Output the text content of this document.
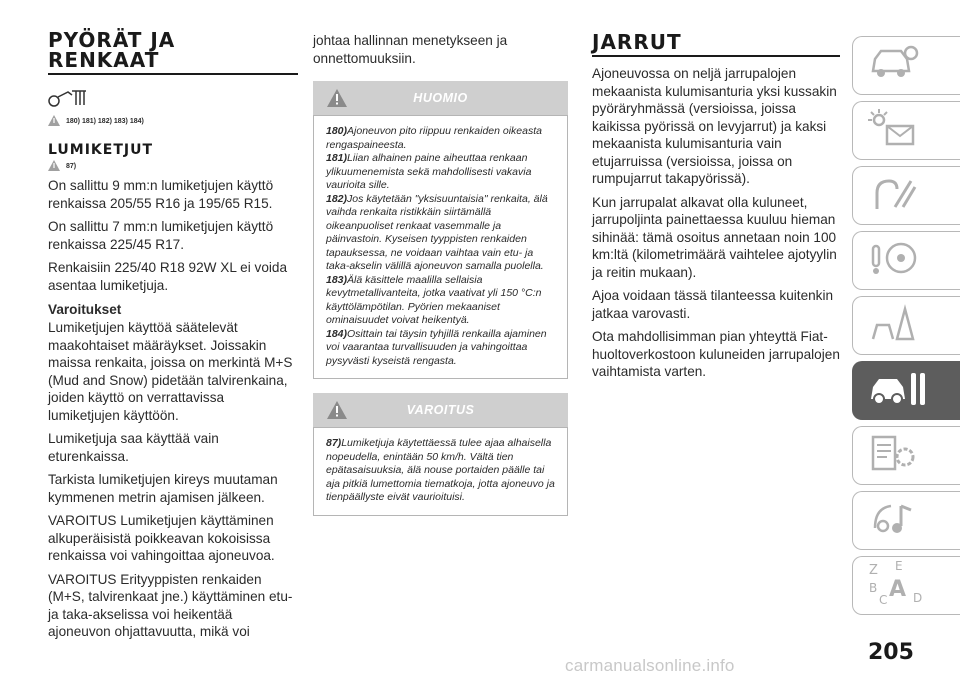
PYÖRÄT JA
RENKAAT
180) 181) 182) 183) 184)
LUMIKETJUT
87)

On sallittu 9 mm:n lumiketjujen käyttö renkaissa 205/55 R16 ja 195/65 R15.

On sallittu 7 mm:n lumiketjujen käyttö renkaissa 225/45 R17.

Renkaisiin 225/40 R18 92W XL ei voida asentaa lumiketjuja.

Varoitukset

Lumiketjujen käyttöä säätelevät maakohtaiset määräykset. Joissakin maissa renkaita, joissa on merkintä M+S (Mud and Snow) pidetään talvirenkaina, joiden käyttö on verrattavissa lumiketjujen käyttöön.

Lumiketjuja saa käyttää vain eturenkaissa.

Tarkista lumiketjujen kireys muutaman kymmenen metrin ajamisen jälkeen.

VAROITUS Lumiketjujen käyttäminen alkuperäisistä poikkeavan kokoisissa renkaissa voi vahingoittaa ajoneuvoa.

VAROITUS Erityyppisten renkaiden (M+S, talvirenkaat jne.) käyttäminen etu- ja taka-akselissa voi heikentää ajoneuvon ohjattavuutta, mikä voi

johtaa hallinnan menetykseen ja onnettomuuksiin.

HUOMIO
180)Ajoneuvon pito riippuu renkaiden oikeasta rengaspaineesta.
181)Liian alhainen paine aiheuttaa renkaan ylikuumenemista sekä mahdollisesti vakavia vaurioita sille.
182)Jos käytetään "yksisuuntaisia" renkaita, älä vaihda renkaita ristikkäin siirtämällä oikeanpuoliset renkaat vasemmalle ja päinvastoin. Kyseisen tyyppisten renkaiden tapauksessa, ne voidaan vaihtaa vain etu- ja taka-akselin välillä ajoneuvon samalla puolella.
183)Älä käsittele maalilla sellaisia kevytmetallivanteita, jotka vaativat yli 150 °C:n käyttölämpötilan. Pyörien mekaaniset ominaisuudet voivat heikentyä.
184)Osittain tai täysin tyhjillä renkailla ajaminen voi vaarantaa turvallisuuden ja vahingoittaa pysyvästi kyseistä rengasta.
VAROITUS
87)Lumiketjuja käytettäessä tulee ajaa alhaisella nopeudella, enintään 50 km/h. Vältä tien epätasaisuuksia, älä nouse portaiden päälle tai aja pitkiä lumettomia tiematkoja, jotta ajoneuvo ja tienpäällyste eivät vaurioituisi.
JARRUT

Ajoneuvossa on neljä jarrupalojen mekaanista kulumisanturia yksi kussakin pyöräryhmässä (versioissa, joissa kaikissa pyörissä on levyjarrut) ja kaksi mekaanista kulumisanturia vain etujarruissa (versioissa, joissa on rumpujarrut takapyörissä).

Kun jarrupalat alkavat olla kuluneet, jarrupoljinta painettaessa kuuluu hieman sihinää: tämä osoitus annetaan noin 100 km:ltä (kilometrimäärä vaihtelee ajotyylin ja reitin mukaan).

Ajoa voidaan tässä tilanteessa kuitenkin jatkaa varovasti.

Ota mahdollisimman pian yhteyttä Fiat-huoltoverkostoon kuluneiden jarrupalojen vaihtamista varten.

Z E
B A
C D
205
carmanualsonline.info
